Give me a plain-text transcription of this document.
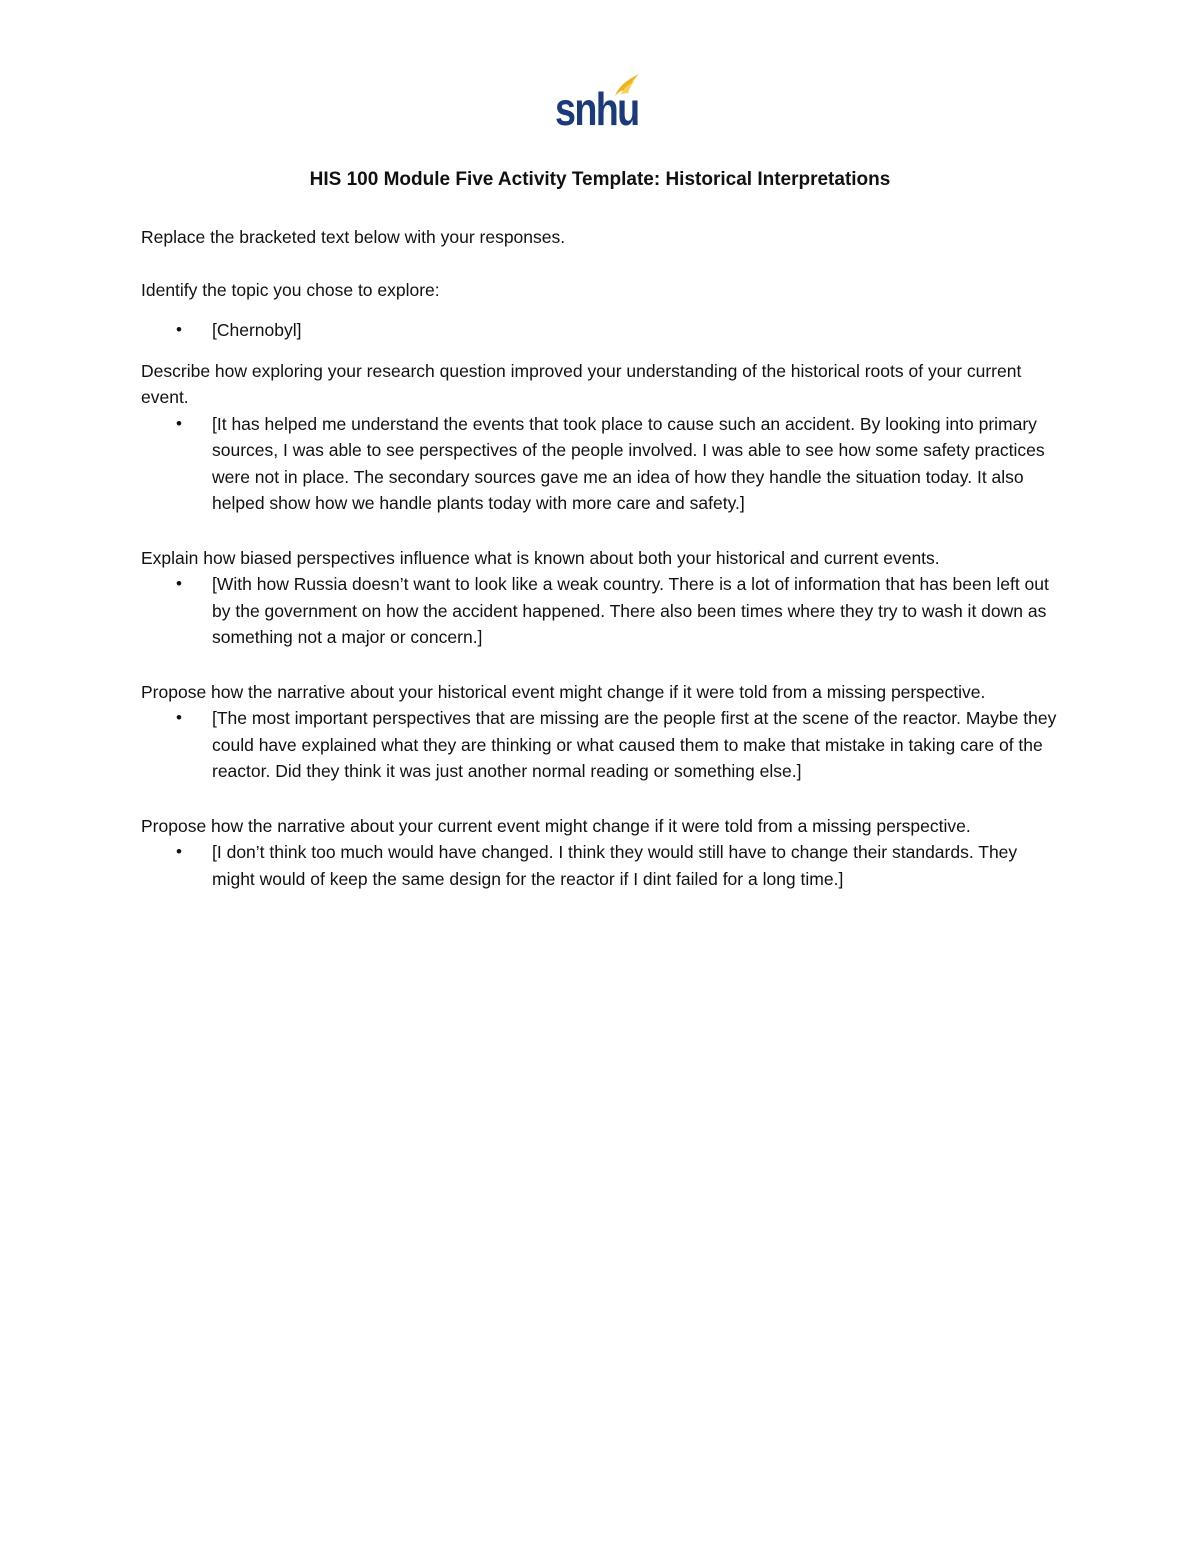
snhu
HIS 100 Module Five Activity Template: Historical Interpretations

Replace the bracketed text below with your responses.

Identify the topic you chose to explore:

• [Chernobyl]

Describe how exploring your research question improved your understanding of the historical roots of your current event.

• [It has helped me understand the events that took place to cause such an accident. By looking into primary sources, I was able to see perspectives of the people involved. I was able to see how some safety practices were not in place. The secondary sources gave me an idea of how they handle the situation today. It also helped show how we handle plants today with more care and safety.]

Explain how biased perspectives influence what is known about both your historical and current events.

• [With how Russia doesn’t want to look like a weak country. There is a lot of information that has been left out by the government on how the accident happened. There also been times where they try to wash it down as something not a major or concern.]

Propose how the narrative about your historical event might change if it were told from a missing perspective.

• [The most important perspectives that are missing are the people first at the scene of the reactor. Maybe they could have explained what they are thinking or what caused them to make that mistake in taking care of the reactor. Did they think it was just another normal reading or something else.]

Propose how the narrative about your current event might change if it were told from a missing perspective.

• [I don’t think too much would have changed. I think they would still have to change their standards. They might would of keep the same design for the reactor if I dint failed for a long time.]
